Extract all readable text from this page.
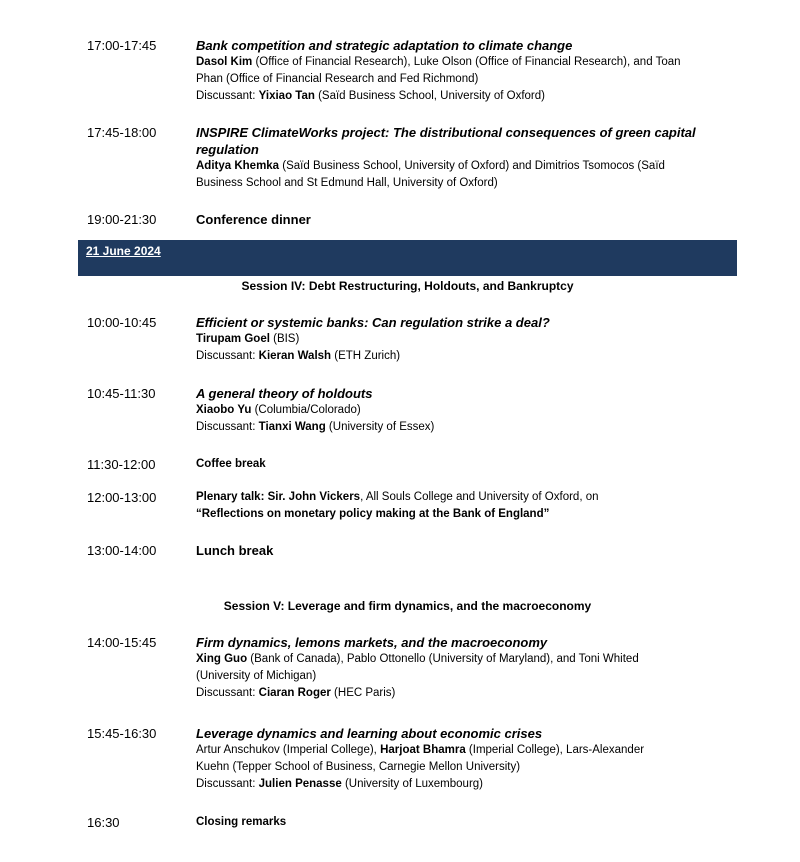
17:00-17:45	Bank competition and strategic adaptation to climate change
Dasol Kim (Office of Financial Research), Luke Olson (Office of Financial Research), and Toan
Phan (Office of Financial Research and Fed Richmond)
Discussant: Yixiao Tan (Saïd Business School, University of Oxford)
17:45-18:00	INSPIRE ClimateWorks project: The distributional consequences of green capital
regulation
Aditya Khemka (Saïd Business School, University of Oxford) and Dimitrios Tsomocos (Saïd
Business School and St Edmund Hall, University of Oxford)
19:00-21:30	Conference dinner
21 June 2024
Session IV: Debt Restructuring, Holdouts, and Bankruptcy
10:00-10:45	Efficient or systemic banks: Can regulation strike a deal?
Tirupam Goel (BIS)
Discussant: Kieran Walsh (ETH Zurich)
10:45-11:30	A general theory of holdouts
Xiaobo Yu (Columbia/Colorado)
Discussant: Tianxi Wang (University of Essex)
11:30-12:00	Coffee break
12:00-13:00	Plenary talk: Sir. John Vickers, All Souls College and University of Oxford, on
“Reflections on monetary policy making at the Bank of England”
13:00-14:00	Lunch break
Session V: Leverage and firm dynamics, and the macroeconomy
14:00-15:45	Firm dynamics, lemons markets, and the macroeconomy
Xing Guo (Bank of Canada), Pablo Ottonello (University of Maryland), and Toni Whited
(University of Michigan)
Discussant: Ciaran Roger (HEC Paris)
15:45-16:30	Leverage dynamics and learning about economic crises
Artur Anschukov (Imperial College), Harjoat Bhamra (Imperial College), Lars-Alexander
Kuehn (Tepper School of Business, Carnegie Mellon University)
Discussant: Julien Penasse (University of Luxembourg)
16:30	Closing remarks
